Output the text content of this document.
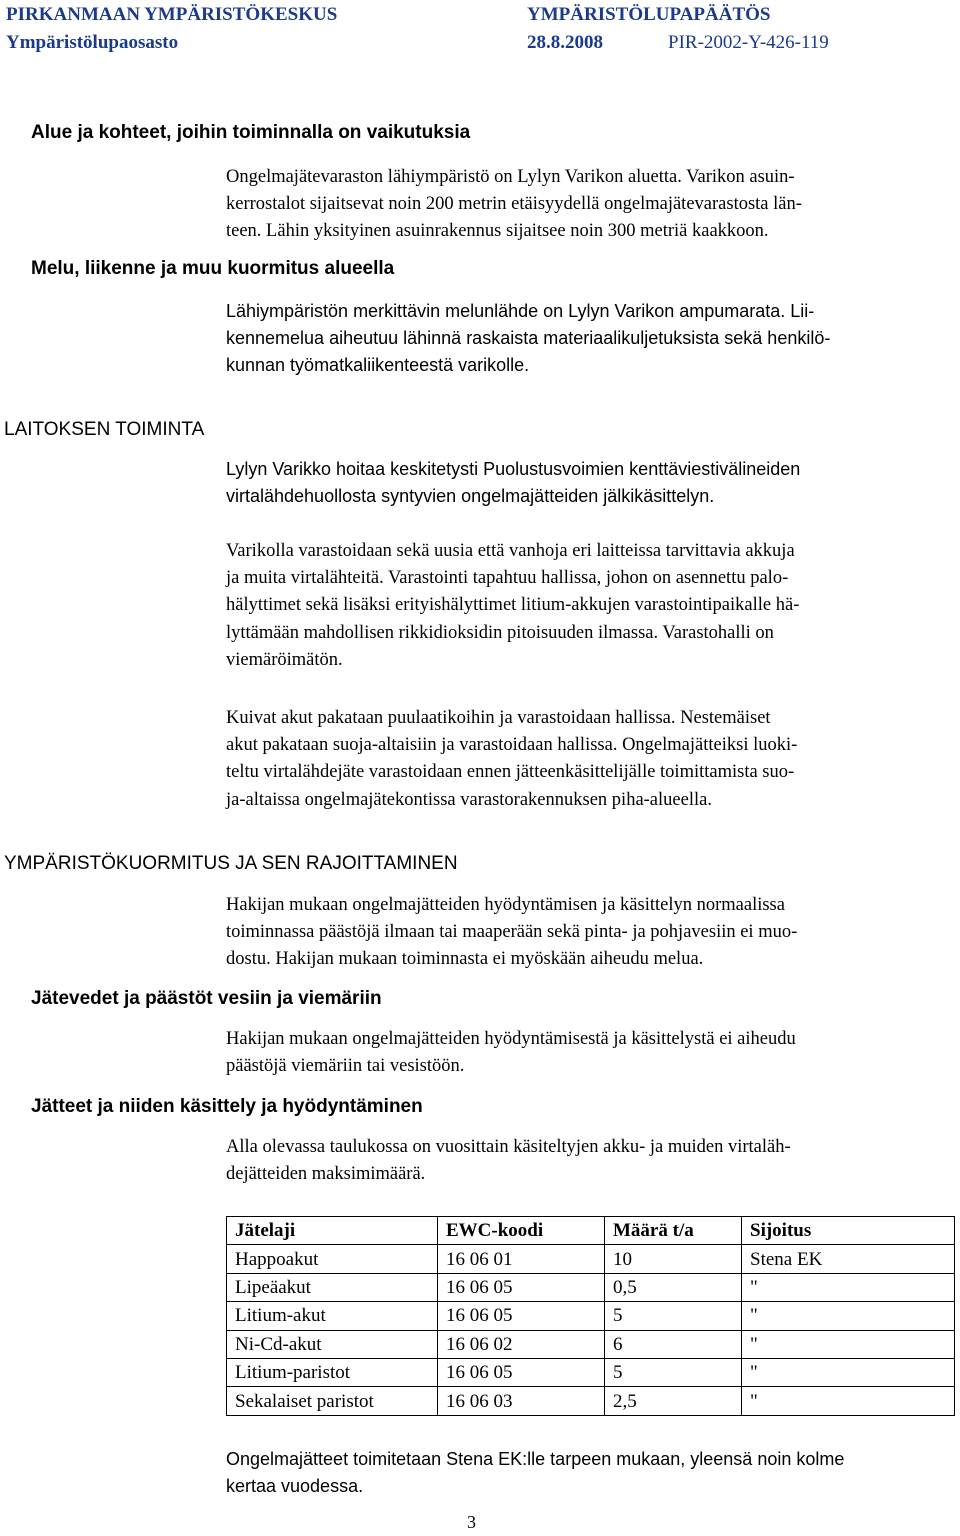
PIRKANMAAN YMPÄRISTÖKESKUS	YMPÄRISTÖLUPAPÄÄTÖS
Ympäristölupaosasto	28.8.2008	PIR-2002-Y-426-119
Alue ja kohteet, joihin toiminnalla on vaikutuksia
Ongelmajätevaraston lähiympäristö on Lylyn Varikon aluetta. Varikon asuin-
kerrostalot sijaitsevat noin 200 metrin etäisyydellä ongelmajätevarastosta län-
teen. Lähin yksityinen asuinrakennus sijaitsee noin 300 metriä kaakkoon.
Melu, liikenne ja muu kuormitus alueella
Lähiympäristön merkittävin melunlähde on Lylyn Varikon ampumarata. Lii-
kennemelua aiheutuu lähinnä raskaista materiaalikuljetuksista sekä henkilö-
kunnan työmatkaliikenteestä varikolle.
LAITOKSEN TOIMINTA
Lylyn Varikko hoitaa keskitetysti Puolustusvoimien kenttäviestivälineiden
virtalähdehuollosta syntyvien ongelmajätteiden jälkikäsittelyn.
Varikolla varastoidaan sekä uusia että vanhoja eri laitteissa tarvittavia akkuja
ja muita virtalähteitä. Varastointi tapahtuu hallissa, johon on asennettu palo-
hälyttimet sekä lisäksi erityishälyttimet litium-akkujen varastointipaikalle hä-
lyttämään mahdollisen rikkidioksidin pitoisuuden ilmassa. Varastohalli on
viemäröimätön.
Kuivat akut pakataan puulaatikoihin ja varastoidaan hallissa. Nestemäiset
akut pakataan suoja-altaisiin ja varastoidaan hallissa. Ongelmajätteiksi luoki-
teltu virtalähdejäte varastoidaan ennen jätteenkäsittelijälle toimittamista suo-
ja-altaissa ongelmajätekontissa varastorakennuksen piha-alueella.
YMPÄRISTÖKUORMITUS JA SEN RAJOITTAMINEN
Hakijan mukaan ongelmajätteiden hyödyntämisen ja käsittelyn normaalissa
toiminnassa päästöjä ilmaan tai maaperään sekä pinta- ja pohjavesiin ei muo-
dostu. Hakijan mukaan toiminnasta ei myöskään aiheudu melua.
Jätevedet ja päästöt vesiin ja viemäriin
Hakijan mukaan ongelmajätteiden hyödyntämisestä ja käsittelystä ei aiheudu
päästöjä viemäriin tai vesistöön.
Jätteet ja niiden käsittely ja hyödyntäminen
Alla olevassa taulukossa on vuosittain käsiteltyjen akku- ja muiden virtaläh-
dejätteiden maksimimäärä.
Jätelaji	EWC-koodi	Määrä t/a	Sijoitus
Happoakut	16 06 01	10	Stena EK
Lipeäakut	16 06 05	0,5	"
Litium-akut	16 06 05	5	"
Ni-Cd-akut	16 06 02	6	"
Litium-paristot	16 06 05	5	"
Sekalaiset paristot	16 06 03	2,5	"
Ongelmajätteet toimitetaan Stena EK:lle tarpeen mukaan, yleensä noin kolme
kertaa vuodessa.
3
